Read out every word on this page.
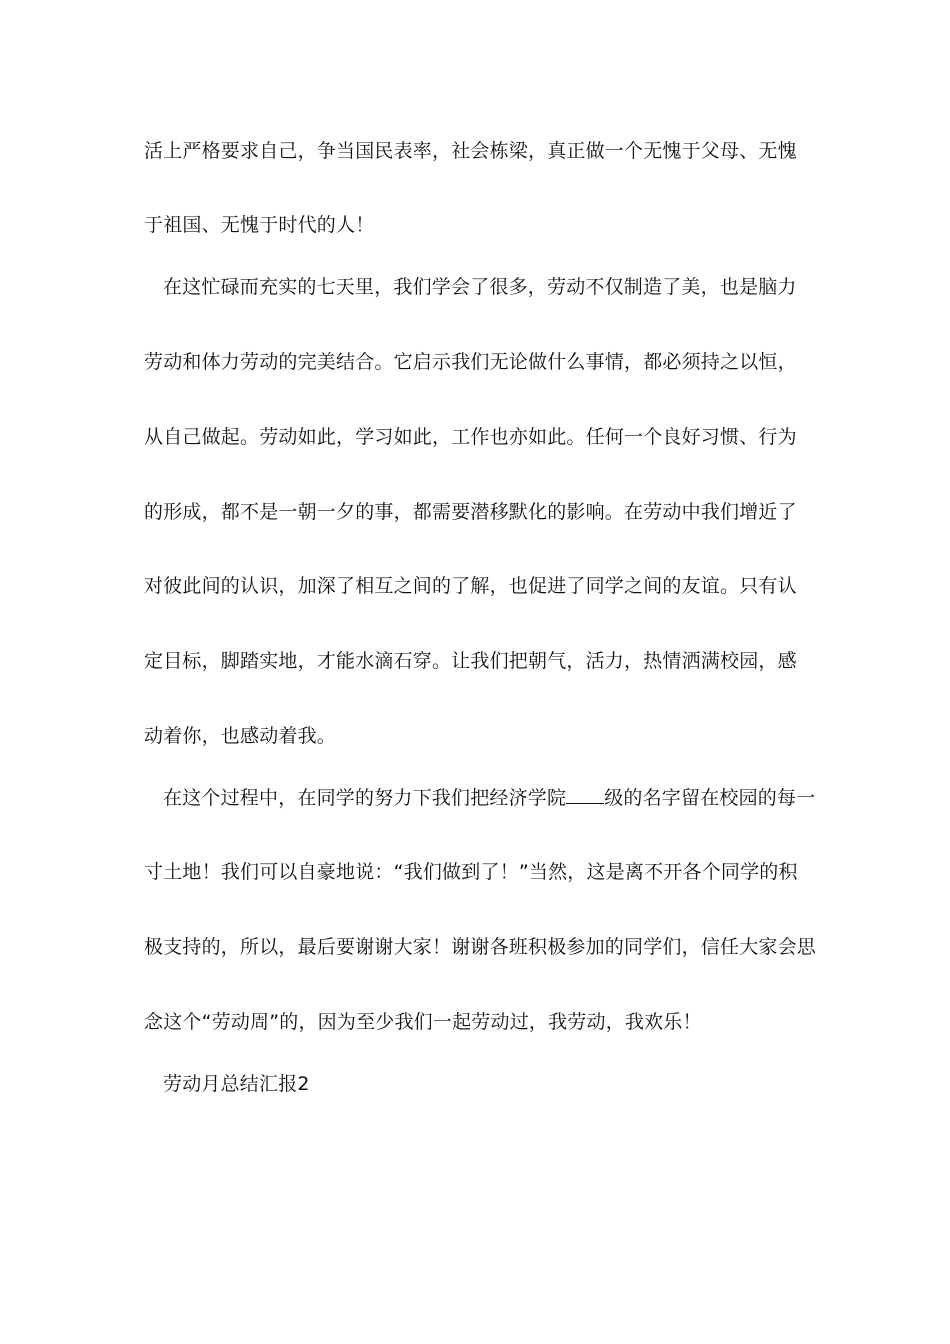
活上严格要求自己，争当国民表率，社会栋梁，真正做一个无愧于父母、无愧
于祖国、无愧于时代的人！
在这忙碌而充实的七天里，我们学会了很多，劳动不仅制造了美，也是脑力
劳动和体力劳动的完美结合。它启示我们无论做什么事情，都必须持之以恒，
从自己做起。劳动如此，学习如此，工作也亦如此。任何一个良好习惯、行为
的形成，都不是一朝一夕的事，都需要潜移默化的影响。在劳动中我们增近了
对彼此间的认识，加深了相互之间的了解，也促进了同学之间的友谊。只有认
定目标，脚踏实地，才能水滴石穿。让我们把朝气，活力，热情洒满校园，感
动着你，也感动着我。
在这个过程中，在同学的努力下我们把经济学院 级的名字留在校园的每一
寸土地！我们可以自豪地说：“我们做到了！”当然，这是离不开各个同学的积
极支持的，所以，最后要谢谢大家！谢谢各班积极参加的同学们，信任大家会思
念这个“劳动周”的，因为至少我们一起劳动过，我劳动，我欢乐！
劳动月总结汇报2
